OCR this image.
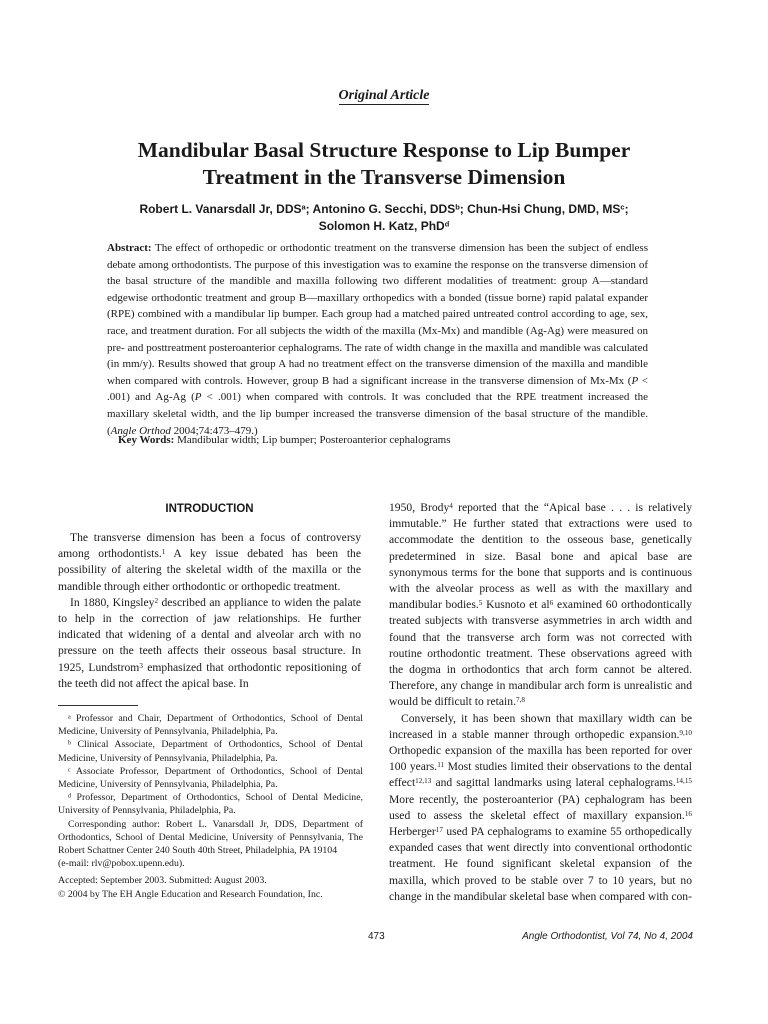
Original Article
Mandibular Basal Structure Response to Lip Bumper
Treatment in the Transverse Dimension
Robert L. Vanarsdall Jr, DDS$^a$; Antonino G. Secchi, DDS$^b$; Chun-Hsi Chung, DMD, $MS^c$;
Solomon H. Katz, PhD$^d$

Abstract: The effect of orthopedic or orthodontic treatment on the transverse dimension has been the subject of endless debate among orthodontists. The purpose of this investigation was to examine the response on the transverse dimension of the basal structure of the mandible and maxilla following two different modalities of treatment: group A—standard edgewise orthodontic treatment and group B—maxillary orthopedics with a bonded (tissue borne) rapid palatal expander (RPE) combined with a mandibular lip bumper. Each group had a matched paired untreated control according to age, sex, race, and treatment duration. For all subjects the width of the maxilla (Mx-Mx) and mandible (Ag-Ag) were measured on pre- and posttreatment posteroanterior cephalograms. The rate of width change in the maxilla and mandible was calculated (in mm/y). Results showed that group A had no treatment effect on the transverse dimension of the maxilla and mandible when compared with controls. However, group B had a significant increase in the transverse dimension of Mx-Mx (P < .001) and Ag-Ag (P < .001) when compared with controls. It was concluded that the RPE treatment increased the maxillary skeletal width, and the lip bumper increased the transverse dimension of the basal structure of the mandible. (Angle Orthod 2004;74:473–479.)

Key Words: Mandibular width; Lip bumper; Posteroanterior cephalograms

INTRODUCTION

The transverse dimension has been a focus of controversy among orthodontists.$^1$ A key issue debated has been the possibility of altering the skeletal width of the maxilla or the mandible through either orthodontic or orthopedic treatment.

In 1880, Kingsley$^2$ described an appliance to widen the palate to help in the correction of jaw relationships. He further indicated that widening of a dental and alveolar arch with no pressure on the teeth affects their osseous basal structure. In 1925, Lundstrom$^3$ emphasized that orthodontic repositioning of the teeth did not affect the apical base. In

$^a$ Professor and Chair, Department of Orthodontics, School of Dental Medicine, University of Pennsylvania, Philadelphia, Pa.

$^b$ Clinical Associate, Department of Orthodontics, School of Dental Medicine, University of Pennsylvania, Philadelphia, Pa.

$^c$ Associate Professor, Department of Orthodontics, School of Dental Medicine, University of Pennsylvania, Philadelphia, Pa.

$^d$ Professor, Department of Orthodontics, School of Dental Medicine, University of Pennsylvania, Philadelphia, Pa.

Corresponding author: Robert L. Vanarsdall Jr, DDS, Department of Orthodontics, School of Dental Medicine, University of Pennsylvania, The Robert Schattner Center 240 South 40th Street, Philadelphia, PA 19104
(e-mail: rlv@pobox.upenn.edu).

Accepted: September 2003. Submitted: August 2003.
© 2004 by The EH Angle Education and Research Foundation, Inc.

1950, Brody$^4$ reported that the “Apical base . . . is relatively immutable.” He further stated that extractions were used to accommodate the dentition to the osseous base, genetically predetermined in size. Basal bone and apical base are synonymous terms for the bone that supports and is continuous with the alveolar process as well as with the maxillary and mandibular bodies.$^5$ Kusnoto et $al^6$ examined 60 orthodontically treated subjects with transverse asymmetries in arch width and found that the transverse arch form was not corrected with routine orthodontic treatment. These observations agreed with the dogma in orthodontics that arch form cannot be altered. Therefore, any change in mandibular arch form is unrealistic and would be difficult to retain.$^{7,8}$

Conversely, it has been shown that maxillary width can be increased in a stable manner through orthopedic expansion.$^{9,10}$ Orthopedic expansion of the maxilla has been reported for over 100 years.$^{11}$ Most studies limited their observations to the dental effect$^{12,13}$ and sagittal landmarks using lateral cephalograms.$^{14,15}$ More recently, the posteroanterior (PA) cephalogram has been used to assess the skeletal effect of maxillary expansion.$^{16}$ Herberger$^{17}$ used PA cephalograms to examine 55 orthopedically expanded cases that went directly into conventional orthodontic treatment. He found significant skeletal expansion of the maxilla, which proved to be stable over 7 to 10 years, but no change in the mandibular skeletal base when compared with con-

473	Angle Orthodontist, Vol 74, No 4, 2004
